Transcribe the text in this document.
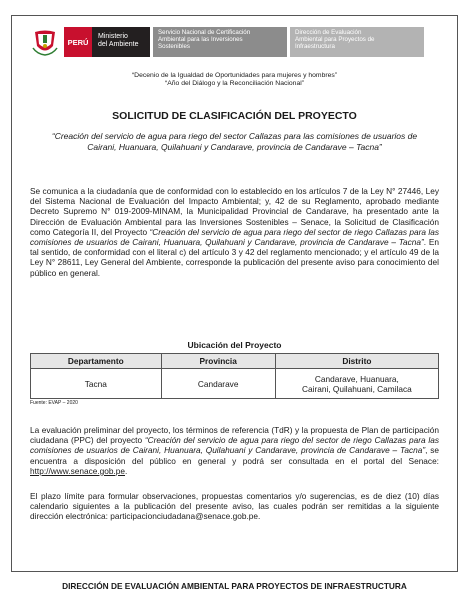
PERÚ
Ministerio
del Ambiente
Servicio Nacional de Certificación
Ambiental para las Inversiones
Sostenibles
Dirección de Evaluación
Ambiental para Proyectos de
Infraestructura
“Decenio de la Igualdad de Oportunidades para mujeres y hombres”
“Año del Diálogo y la Reconciliación Nacional”
SOLICITUD DE CLASIFICACIÓN DEL PROYECTO
“Creación del servicio de agua para riego del sector Callazas para las comisiones de usuarios de Cairani, Huanuara, Quilahuani y Candarave, provincia de Candarave – Tacna”

Se comunica a la ciudadanía que de conformidad con lo establecido en los artículos 7 de la Ley N° 27446, Ley del Sistema Nacional de Evaluación del Impacto Ambiental; y, 42 de su Reglamento, aprobado mediante Decreto Supremo N° 019-2009-MINAM, la Municipalidad Provincial de Candarave, ha presentado ante la Dirección de Evaluación Ambiental para las Inversiones Sostenibles – Senace, la Solicitud de Clasificación como Categoría II, del Proyecto “Creación del servicio de agua para riego del sector de riego Callazas para las comisiones de usuarios de Cairani, Huanuara, Quilahuani y Candarave, provincia de Candarave – Tacna”. En tal sentido, de conformidad con el literal c) del artículo 3 y 42 del reglamento mencionado; y el artículo 49 de la Ley N° 28611, Ley General del Ambiente, corresponde la publicación del presente aviso para conocimiento del público en general.

Ubicación del Proyecto
Departamento	Provincia	Distrito
Tacna	Candarave	Candarave, Huanuara,
Cairani, Quilahuani, Camilaca
Fuente: EVAP – 2020

La evaluación preliminar del proyecto, los términos de referencia (TdR) y la propuesta de Plan de participación ciudadana (PPC) del proyecto “Creación del servicio de agua para riego del sector de riego Callazas para las comisiones de usuarios de Cairani, Huanuara, Quilahuani y Candarave, provincia de Candarave – Tacna”, se encuentra a disposición del público en general y podrá ser consultada en el portal del Senace: http://www.senace.gob.pe.

El plazo límite para formular observaciones, propuestas comentarios y/o sugerencias, es de diez (10) días calendario siguientes a la publicación del presente aviso, las cuales podrán ser remitidas a la siguiente dirección electrónica: participacionciudadana@senace.gob.pe.

DIRECCIÓN DE EVALUACIÓN AMBIENTAL PARA PROYECTOS DE INFRAESTRUCTURA
